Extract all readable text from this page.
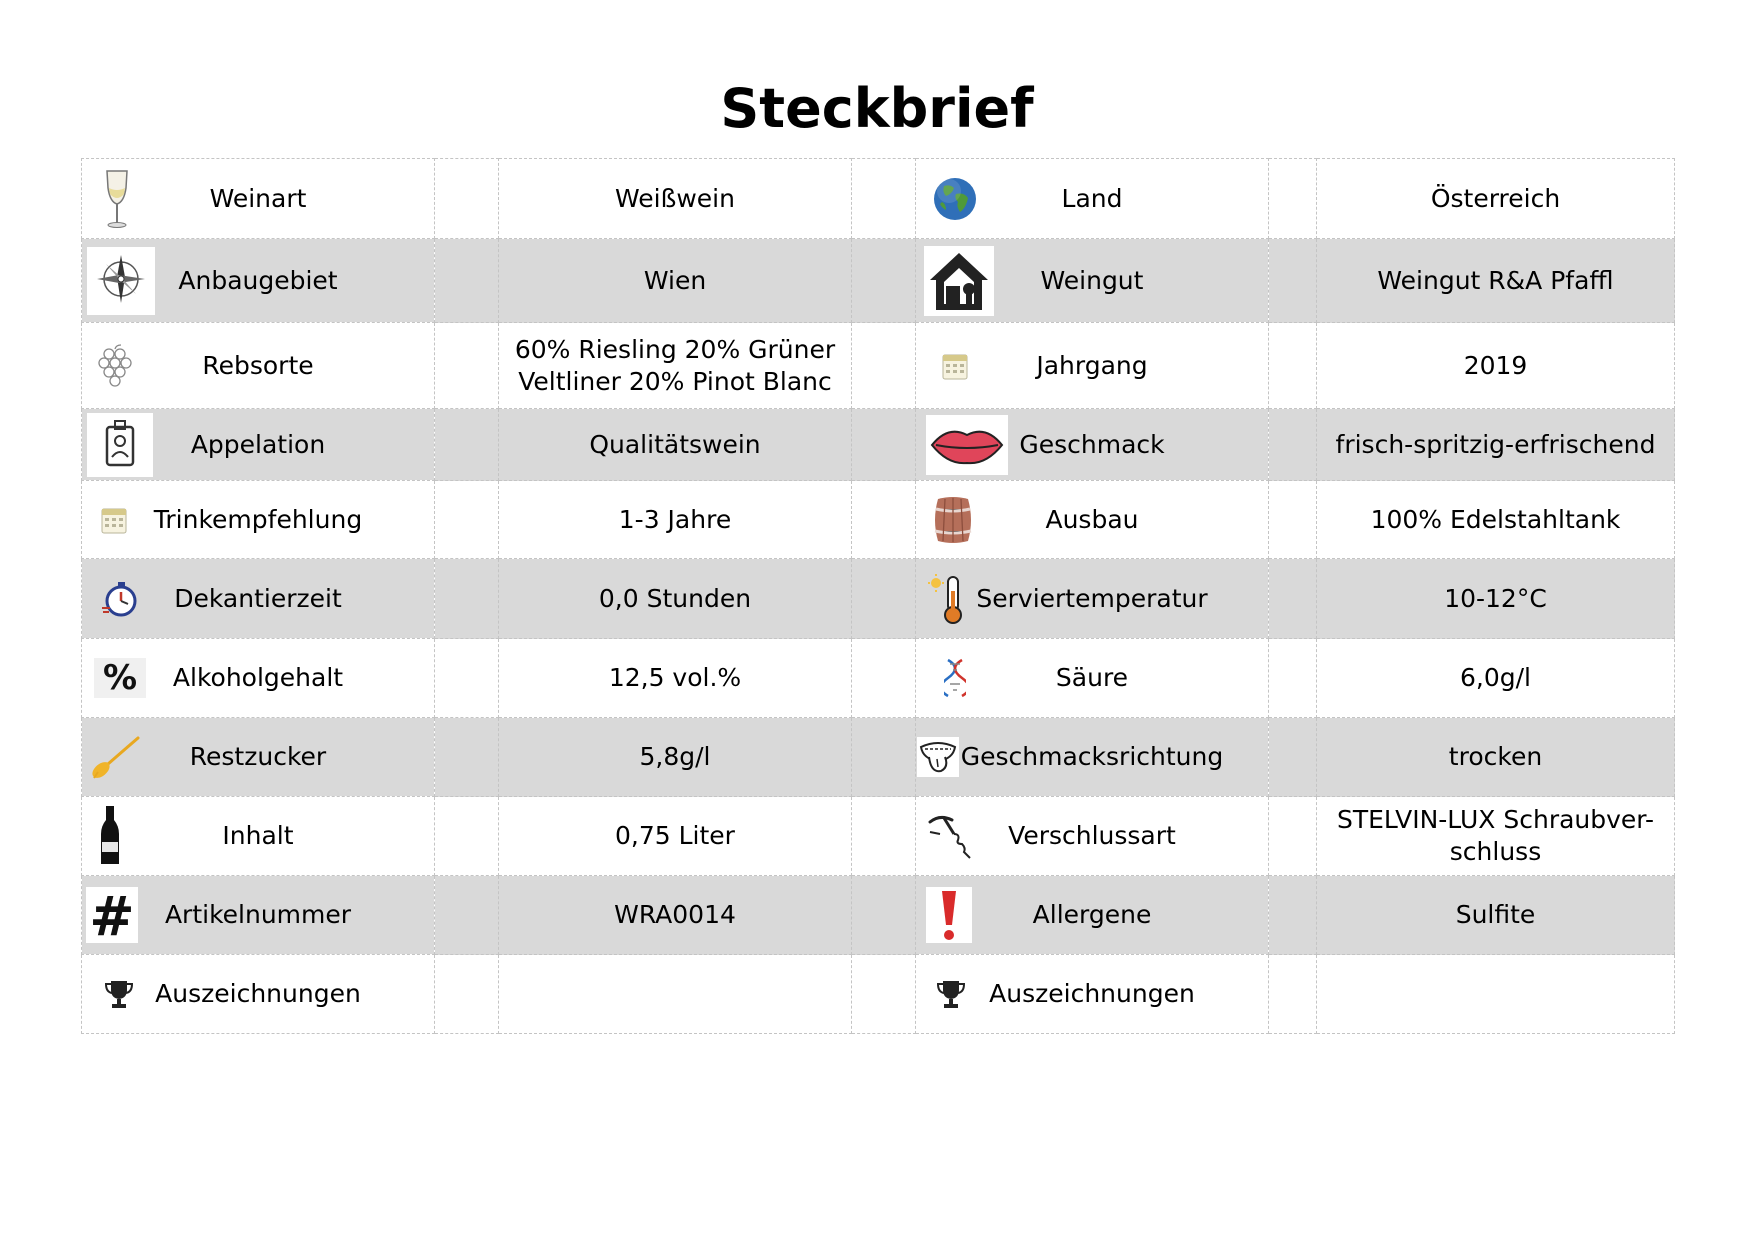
Steckbrief
Weinart		Weißwein		Land		Österreich

Anbaugebiet		Wien		Weingut		Weingut R&A Pfaffl

Rebsorte		60% Riesling 20% Grüner Veltliner 20% Pinot Blanc		Jahrgang		2019

Appelation		Qualitätswein		Geschmack		frisch-spritzig-erfrischend

Trinkempfehlung		1-3 Jahre		Ausbau		100% Edelstahltank

Dekantierzeit		0,0 Stunden		Serviertemperatur		10-12°C

% Alkoholgehalt		12,5 vol.%		Säure		6,0g/l

Restzucker		5,8g/l		Geschmacksrichtung		trocken

Inhalt		0,75 Liter		Verschlussart		STELVIN-LUX Schraubver-schluss

# Artikelnummer		WRA0014		Allergene		Sulfite

Auszeichnungen				Auszeichnungen		
